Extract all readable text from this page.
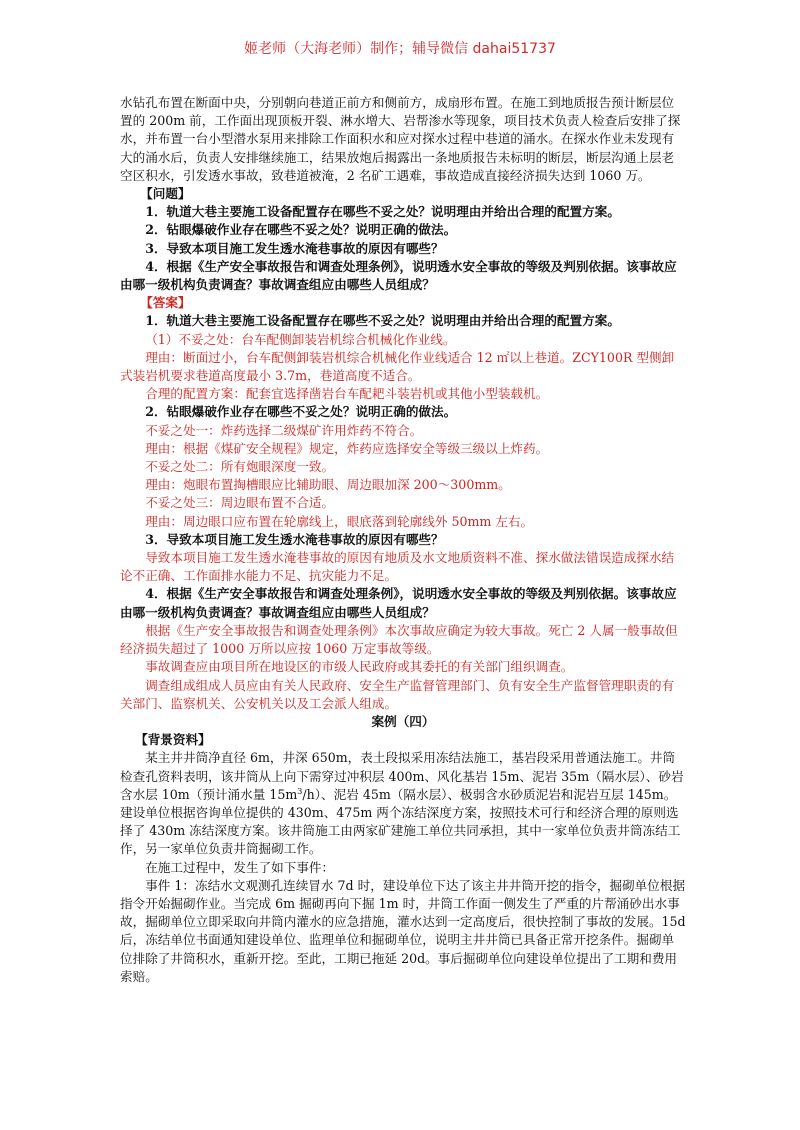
姬老师（大海老师）制作；辅导微信 dahai51737

水钻孔布置在断面中央，分别朝向巷道正前方和侧前方，成扇形布置。在施工到地质报告预计断层位置的 200m 前，工作面出现顶板开裂、淋水增大、岩帮渗水等现象，项目技术负责人检查后安排了探水，并布置一台小型潜水泵用来排除工作面积水和应对探水过程中巷道的涌水。在探水作业未发现有大的涌水后，负责人安排继续施工，结果放炮后揭露出一条地质报告未标明的断层，断层沟通上层老空区积水，引发透水事故，致巷道被淹，2 名矿工遇难，事故造成直接经济损失达到 1060 万。

【问题】

1．轨道大巷主要施工设备配置存在哪些不妥之处？说明理由并给出合理的配置方案。

2．钻眼爆破作业存在哪些不妥之处？说明正确的做法。

3．导致本项目施工发生透水淹巷事故的原因有哪些？

4．根据《生产安全事故报告和调查处理条例》，说明透水安全事故的等级及判别依据。该事故应由哪一级机构负责调查？事故调查组应由哪些人员组成？

【答案】

1．轨道大巷主要施工设备配置存在哪些不妥之处？说明理由并给出合理的配置方案。

（1）不妥之处：台车配侧卸装岩机综合机械化作业线。

理由：断面过小，台车配侧卸装岩机综合机械化作业线适合 12 ㎡以上巷道。ZCY100R 型侧卸式装岩机要求巷道高度最小 3.7m，巷道高度不适合。

合理的配置方案：配套宜选择凿岩台车配耙斗装岩机或其他小型装载机。

2．钻眼爆破作业存在哪些不妥之处？说明正确的做法。

不妥之处一：炸药选择二级煤矿许用炸药不符合。

理由：根据《煤矿安全规程》规定，炸药应选择安全等级三级以上炸药。

不妥之处二：所有炮眼深度一致。

理由：炮眼布置掏槽眼应比辅助眼、周边眼加深 200～300mm。

不妥之处三：周边眼布置不合适。

理由：周边眼口应布置在轮廓线上，眼底落到轮廓线外 50mm 左右。

3．导致本项目施工发生透水淹巷事故的原因有哪些？

导致本项目施工发生透水淹巷事故的原因有地质及水文地质资料不准、探水做法错误造成探水结论不正确、工作面排水能力不足、抗灾能力不足。

4．根据《生产安全事故报告和调查处理条例》，说明透水安全事故的等级及判别依据。该事故应由哪一级机构负责调查？事故调查组应由哪些人员组成？

根据《生产安全事故报告和调查处理条例》本次事故应确定为较大事故。死亡 2 人属一般事故但经济损失超过了 1000 万所以应按 1060 万定事故等级。

事故调查应由项目所在地设区的市级人民政府或其委托的有关部门组织调查。

调查组成组成人员应由有关人民政府、安全生产监督管理部门、负有安全生产监督管理职责的有关部门、监察机关、公安机关以及工会派人组成。

案例（四）

【背景资料】

某主井井筒净直径 6m，井深 650m，表土段拟采用冻结法施工，基岩段采用普通法施工。井筒检查孔资料表明，该井筒从上向下需穿过冲积层 400m、风化基岩 15m、泥岩 35m（隔水层）、砂岩含水层 10m（预计涌水量 $15m^3/h$）、泥岩 45m（隔水层）、极弱含水砂质泥岩和泥岩互层 145m。建设单位根据咨询单位提供的 430m、475m 两个冻结深度方案，按照技术可行和经济合理的原则选择了 430m 冻结深度方案。该井筒施工由两家矿建施工单位共同承担，其中一家单位负责井筒冻结工作，另一家单位负责井筒掘砌工作。

在施工过程中，发生了如下事件：

事件 1：冻结水文观测孔连续冒水 7d 时，建设单位下达了该主井井筒开挖的指令，掘砌单位根据指令开始掘砌作业。当完成 6m 掘砌再向下掘 1m 时，井筒工作面一侧发生了严重的片帮涌砂出水事故，掘砌单位立即采取向井筒内灌水的应急措施，灌水达到一定高度后，很快控制了事故的发展。15d 后，冻结单位书面通知建设单位、监理单位和掘砌单位，说明主井井筒已具备正常开挖条件。掘砌单位排除了井筒积水，重新开挖。至此，工期已拖延 20d。事后掘砌单位向建设单位提出了工期和费用索赔。
